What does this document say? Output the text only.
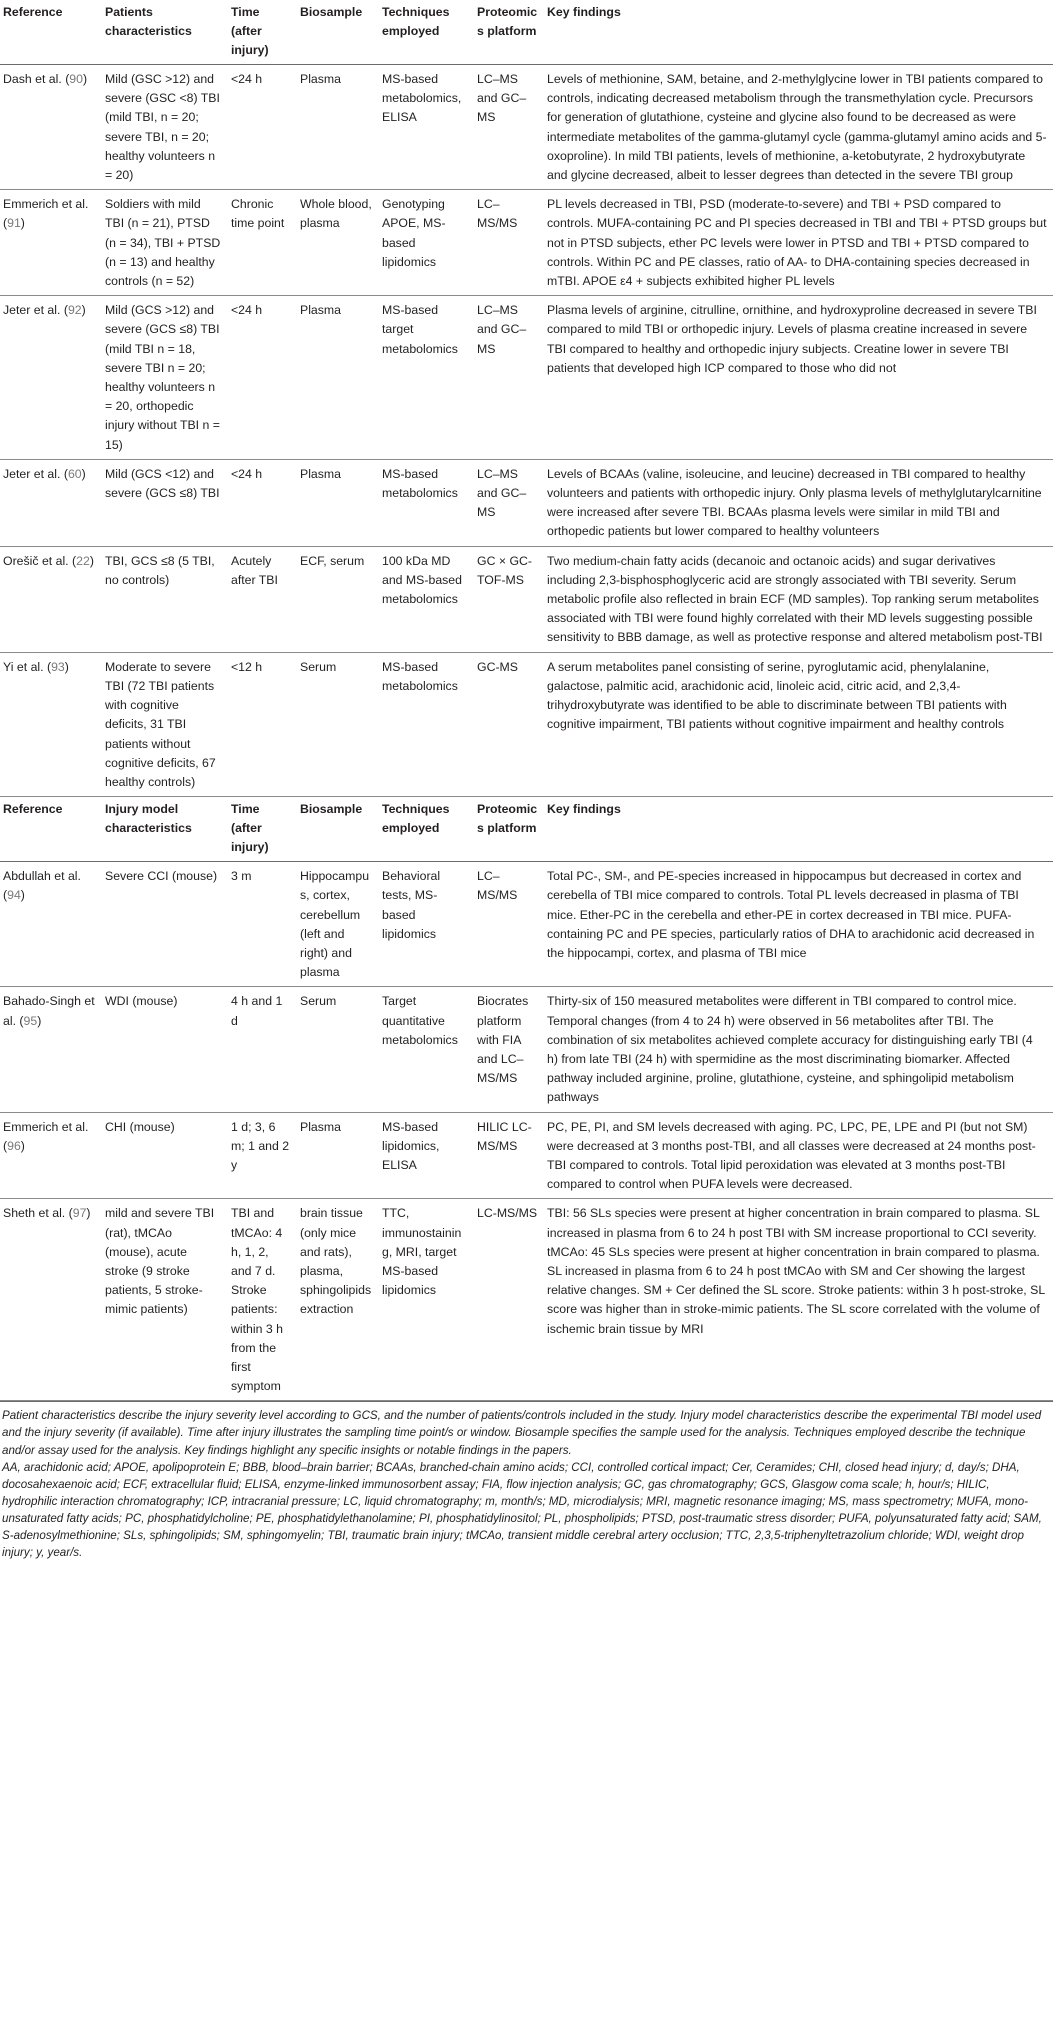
Reference	Patients characteristics	Time (after injury)	Biosample	Techniques employed	Proteomics platform	Key findings
Dash et al. (90)	Mild (GSC >12) and severe (GSC <8) TBI (mild TBI, n = 20; severe TBI, n = 20; healthy volunteers n = 20)	<24 h	Plasma	MS-based metabolomics, ELISA	LC–MS and GC–MS	Levels of methionine, SAM, betaine, and 2-methylglycine lower in TBI patients compared to controls, indicating decreased metabolism through the transmethylation cycle. Precursors for generation of glutathione, cysteine and glycine also found to be decreased as were intermediate metabolites of the gamma-glutamyl cycle (gamma-glutamyl amino acids and 5-oxoproline). In mild TBI patients, levels of methionine, a-ketobutyrate, 2 hydroxybutyrate and glycine decreased, albeit to lesser degrees than detected in the severe TBI group
Emmerich et al. (91)	Soldiers with mild TBI (n = 21), PTSD (n = 34), TBI + PTSD (n = 13) and healthy controls (n = 52)	Chronic time point	Whole blood, plasma	Genotyping APOE, MS-based lipidomics	LC–MS/MS	PL levels decreased in TBI, PSD (moderate-to-severe) and TBI + PSD compared to controls. MUFA-containing PC and PI species decreased in TBI and TBI + PTSD groups but not in PTSD subjects, ether PC levels were lower in PTSD and TBI + PTSD compared to controls. Within PC and PE classes, ratio of AA- to DHA-containing species decreased in mTBI. APOE ε4 + subjects exhibited higher PL levels
Jeter et al. (92)	Mild (GCS >12) and severe (GCS ≤8) TBI (mild TBI n = 18, severe TBI n = 20; healthy volunteers n = 20, orthopedic injury without TBI n = 15)	<24 h	Plasma	MS-based target metabolomics	LC–MS and GC–MS	Plasma levels of arginine, citrulline, ornithine, and hydroxyproline decreased in severe TBI compared to mild TBI or orthopedic injury. Levels of plasma creatine increased in severe TBI compared to healthy and orthopedic injury subjects. Creatine lower in severe TBI patients that developed high ICP compared to those who did not
Jeter et al. (60)	Mild (GCS <12) and severe (GCS ≤8) TBI	<24 h	Plasma	MS-based metabolomics	LC–MS and GC–MS	Levels of BCAAs (valine, isoleucine, and leucine) decreased in TBI compared to healthy volunteers and patients with orthopedic injury. Only plasma levels of methylglutarylcarnitine were increased after severe TBI. BCAAs plasma levels were similar in mild TBI and orthopedic patients but lower compared to healthy volunteers
Orešič et al. (22)	TBI, GCS ≤8 (5 TBI, no controls)	Acutely after TBI	ECF, serum	100 kDa MD and MS-based metabolomics	GC × GC-TOF-MS	Two medium-chain fatty acids (decanoic and octanoic acids) and sugar derivatives including 2,3-bisphosphoglyceric acid are strongly associated with TBI severity. Serum metabolic profile also reflected in brain ECF (MD samples). Top ranking serum metabolites associated with TBI were found highly correlated with their MD levels suggesting possible sensitivity to BBB damage, as well as protective response and altered metabolism post-TBI
Yi et al. (93)	Moderate to severe TBI (72 TBI patients with cognitive deficits, 31 TBI patients without cognitive deficits, 67 healthy controls)	<12 h	Serum	MS-based metabolomics	GC-MS	A serum metabolites panel consisting of serine, pyroglutamic acid, phenylalanine, galactose, palmitic acid, arachidonic acid, linoleic acid, citric acid, and 2,3,4-trihydroxybutyrate was identified to be able to discriminate between TBI patients with cognitive impairment, TBI patients without cognitive impairment and healthy controls
Reference	Injury model characteristics	Time (after injury)	Biosample	Techniques employed	Proteomics platform	Key findings
Abdullah et al. (94)	Severe CCI (mouse)	3 m	Hippocampus, cortex, cerebellum (left and right) and plasma	Behavioral tests, MS-based lipidomics	LC–MS/MS	Total PC-, SM-, and PE-species increased in hippocampus but decreased in cortex and cerebella of TBI mice compared to controls. Total PL levels decreased in plasma of TBI mice. Ether-PC in the cerebella and ether-PE in cortex decreased in TBI mice. PUFA-containing PC and PE species, particularly ratios of DHA to arachidonic acid decreased in the hippocampi, cortex, and plasma of TBI mice
Bahado-Singh et al. (95)	WDI (mouse)	4 h and 1 d	Serum	Target quantitative metabolomics	Biocrates platform with FIA and LC–MS/MS	Thirty-six of 150 measured metabolites were different in TBI compared to control mice. Temporal changes (from 4 to 24 h) were observed in 56 metabolites after TBI. The combination of six metabolites achieved complete accuracy for distinguishing early TBI (4 h) from late TBI (24 h) with spermidine as the most discriminating biomarker. Affected pathway included arginine, proline, glutathione, cysteine, and sphingolipid metabolism pathways
Emmerich et al. (96)	CHI (mouse)	1 d; 3, 6 m; 1 and 2 y	Plasma	MS-based lipidomics, ELISA	HILIC LC-MS/MS	PC, PE, PI, and SM levels decreased with aging. PC, LPC, PE, LPE and PI (but not SM) were decreased at 3 months post-TBI, and all classes were decreased at 24 months post-TBI compared to controls. Total lipid peroxidation was elevated at 3 months post-TBI compared to control when PUFA levels were decreased.
Sheth et al. (97)	mild and severe TBI (rat), tMCAo (mouse), acute stroke (9 stroke patients, 5 stroke-mimic patients)	TBI and tMCAo: 4 h, 1, 2, and 7 d. Stroke patients: within 3 h from the first symptom	brain tissue (only mice and rats), plasma, sphingolipids extraction	TTC, immunostaining, MRI, target MS-based lipidomics	LC-MS/MS	TBI: 56 SLs species were present at higher concentration in brain compared to plasma. SL increased in plasma from 6 to 24 h post TBI with SM increase proportional to CCI severity. tMCAo: 45 SLs species were present at higher concentration in brain compared to plasma. SL increased in plasma from 6 to 24 h post tMCAo with SM and Cer showing the largest relative changes. SM + Cer defined the SL score. Stroke patients: within 3 h post-stroke, SL score was higher than in stroke-mimic patients. The SL score correlated with the volume of ischemic brain tissue by MRI

Patient characteristics describe the injury severity level according to GCS, and the number of patients/controls included in the study. Injury model characteristics describe the experimental TBI model used and the injury severity (if available). Time after injury illustrates the sampling time point/s or window. Biosample specifies the sample used for the analysis. Techniques employed describe the technique and/or assay used for the analysis. Key findings highlight any specific insights or notable findings in the papers.

AA, arachidonic acid; APOE, apolipoprotein E; BBB, blood–brain barrier; BCAAs, branched-chain amino acids; CCI, controlled cortical impact; Cer, Ceramides; CHI, closed head injury; d, day/s; DHA, docosahexaenoic acid; ECF, extracellular fluid; ELISA, enzyme-linked immunosorbent assay; FIA, flow injection analysis; GC, gas chromatography; GCS, Glasgow coma scale; h, hour/s; HILIC, hydrophilic interaction chromatography; ICP, intracranial pressure; LC, liquid chromatography; m, month/s; MD, microdialysis; MRI, magnetic resonance imaging; MS, mass spectrometry; MUFA, mono-unsaturated fatty acids; PC, phosphatidylcholine; PE, phosphatidylethanolamine; PI, phosphatidylinositol; PL, phospholipids; PTSD, post-traumatic stress disorder; PUFA, polyunsaturated fatty acid; SAM, S-adenosylmethionine; SLs, sphingolipids; SM, sphingomyelin; TBI, traumatic brain injury; tMCAo, transient middle cerebral artery occlusion; TTC, 2,3,5-triphenyltetrazolium chloride; WDI, weight drop injury; y, year/s.
